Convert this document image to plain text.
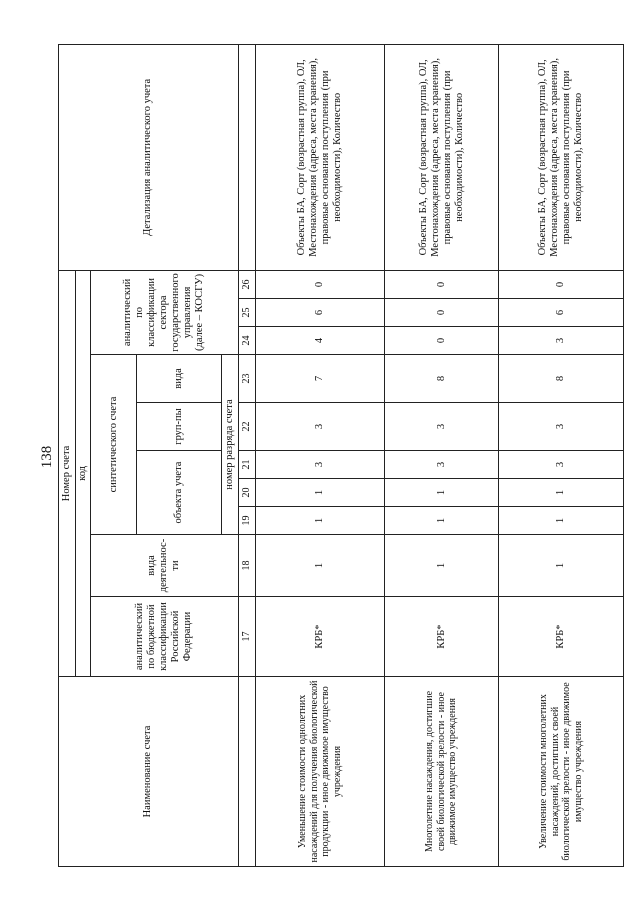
138
Наименование счета	Номер счета										Детализация аналитического учета
	код										
	аналитический по бюджетной классификации Российской Федерации	вида деятельнос-ти	синтетического счета					аналитический по классификации сектора государственного управления (далее – КОСГУ)			
			объекта учета			груп-пы	вида				
			номер разряда счета								
	17	18	19	20	21	22	23	24	25	26	
Уменьшение стоимости однолетних насаждений для получения биологической продукции - иное движимое имущество учреждения	КРБ*	1	1	1	3	3	7	4	6	0	Объекты БА, Сорт (возрастная группа), ОЛ, Местонахождения (адреса, места хранения), правовые основания поступления (при необходимости), Количество
Многолетние насаждения, достигшие своей биологической зрелости - иное движимое имущество учреждения	КРБ*	1	1	1	3	3	8	0	0	0	Объекты БА, Сорт (возрастная группа), ОЛ, Местонахождения (адреса, места хранения), правовые основания поступления (при необходимости), Количество
Увеличение стоимости многолетних насаждений, достигших своей биологической зрелости - иное движимое имущество учреждения	КРБ*	1	1	1	3	3	8	3	6	0	Объекты БА, Сорт (возрастная группа), ОЛ, Местонахождения (адреса, места хранения), правовые основания поступления (при необходимости), Количество
